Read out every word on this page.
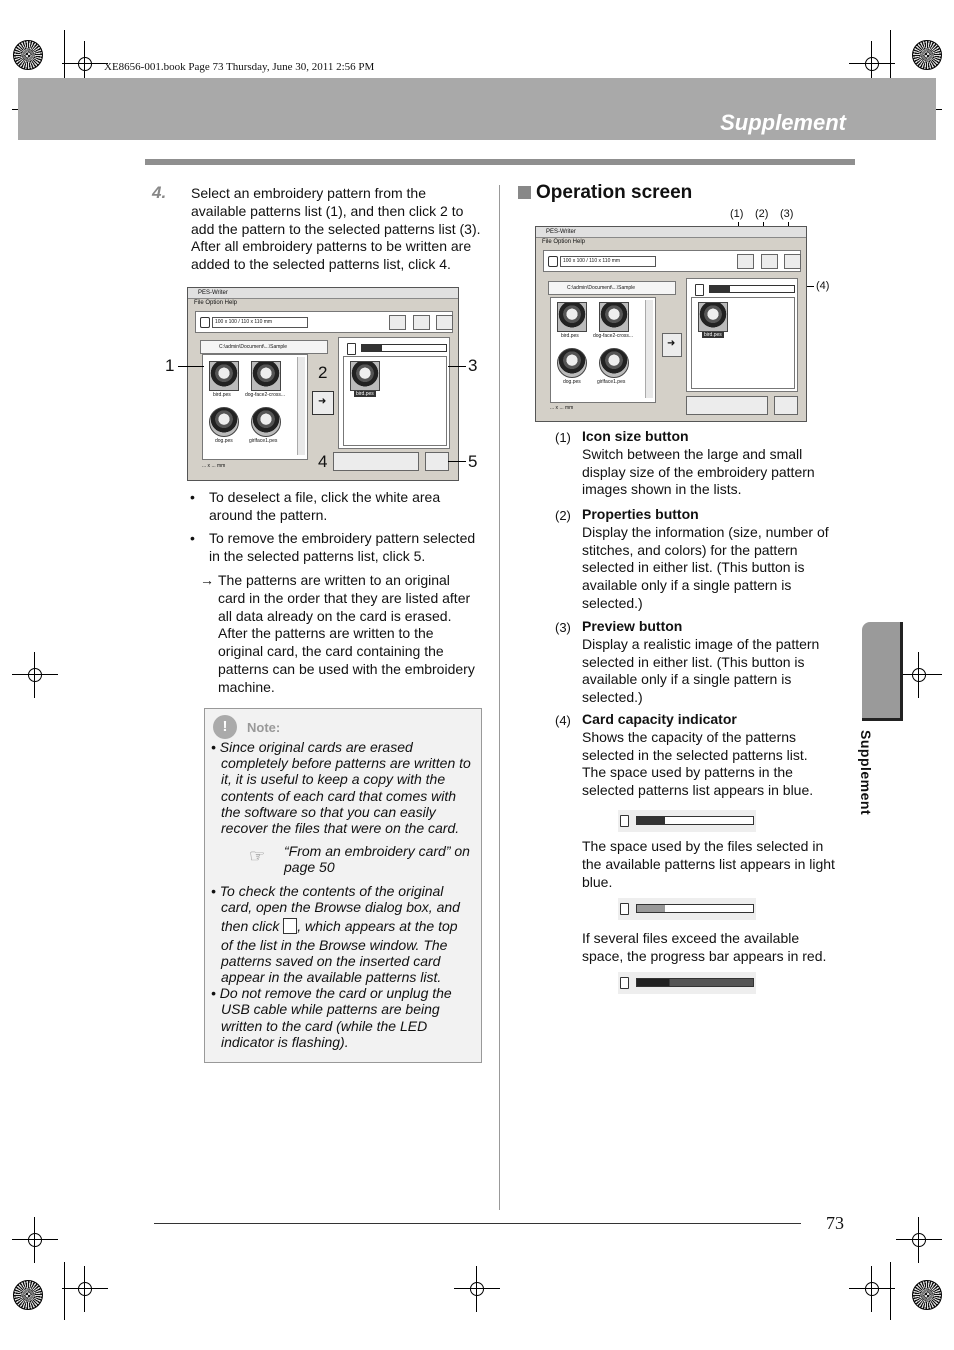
XE8656-001.book Page 73 Thursday, June 30, 2011 2:56 PM
Supplement
4. Select an embroidery pattern from the
available patterns list (1), and then click 2 to
add the pattern to the selected patterns list (3).
After all embroidery patterns to be written are
added to the selected patterns list, click 4.
PES-Writer
File Option Help
100 x 100 / 110 x 110 mm
C:\admin\Document\...\Sample
bird.pes	dog-face2-cross...
dog.pes	girlface1.pes
... x ... mm
➜
bird.pes
1	2	3
4	5
• To deselect a file, click the white area
around the pattern.
• To remove the embroidery pattern selected
in the selected patterns list, click 5.
→ The patterns are written to an original
card in the order that they are listed after
all data already on the card is erased.
After the patterns are written to the
original card, the card containing the
patterns can be used with the embroidery
machine.
!	Note:
• Since original cards are erased
completely before patterns are written to
it, it is useful to keep a copy with the
contents of each card that comes with
the software so that you can easily
recover the files that were on the card.
☞ “From an embroidery card” on
page 50
• To check the contents of the original
card, open the Browse dialog box, and
then click , which appears at the top
of the list in the Browse window. The
patterns saved on the inserted card
appear in the available patterns list.
• Do not remove the card or unplug the
USB cable while patterns are being
written to the card (while the LED
indicator is flashing).
Operation screen
(1) (2) (3)
(4)
PES-Writer
File Option Help
100 x 100 / 110 x 110 mm
C:\admin\Document\...\Sample
bird.pes	dog-face2-cross...
dog.pes	girlface1.pes
... x ... mm
➜
bird.pes
(1) Icon size button
Switch between the large and small
display size of the embroidery pattern
images shown in the lists.
(2) Properties button
Display the information (size, number of
stitches, and colors) for the pattern
selected in either list. (This button is
available only if a single pattern is
selected.)
(3) Preview button
Display a realistic image of the pattern
selected in either list. (This button is
available only if a single pattern is
selected.)
(4) Card capacity indicator
Shows the capacity of the patterns
selected in the selected patterns list.
The space used by patterns in the
selected patterns list appears in blue.
The space used by the files selected in
the available patterns list appears in light
blue.
If several files exceed the available
space, the progress bar appears in red.
Supplement
73
